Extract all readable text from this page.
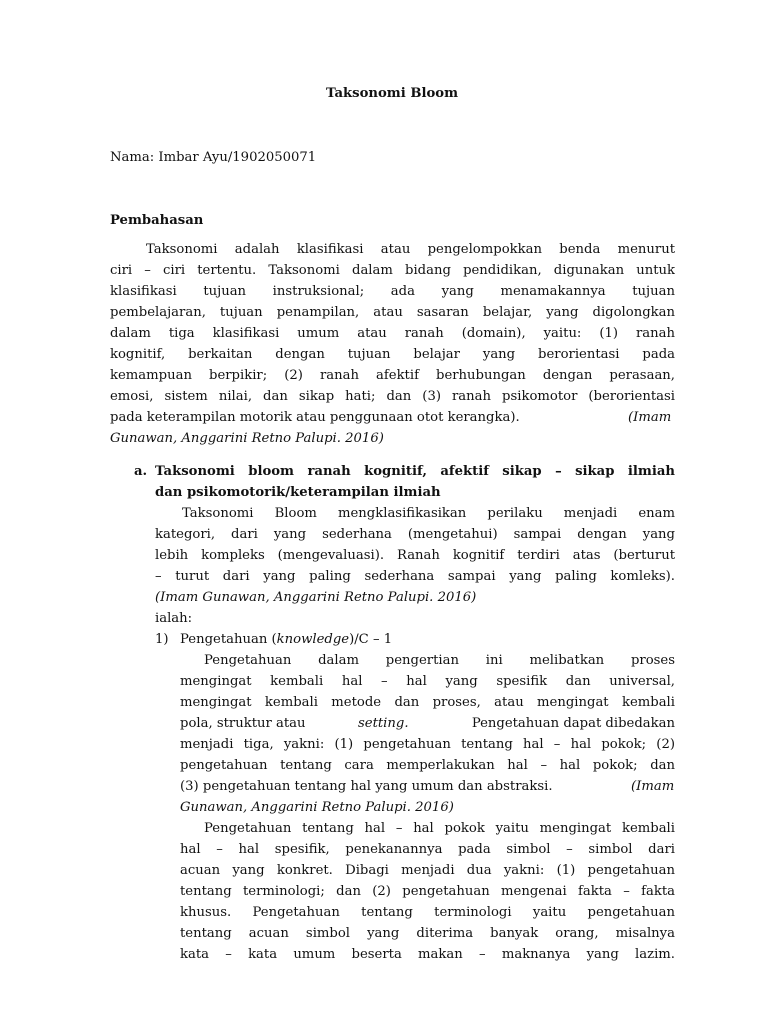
Taksonomi Bloom

Nama: Imbar Ayu/1902050071

Pembahasan

Taksonomi adalah klasifikasi atau pengelompokkan benda menurut
ciri – ciri tertentu. Taksonomi dalam bidang pendidikan, digunakan untuk
klasifikasi tujuan instruksional; ada yang menamakannya tujuan
pembelajaran, tujuan penampilan, atau sasaran belajar, yang digolongkan
dalam tiga klasifikasi umum atau ranah (domain), yaitu: (1) ranah
kognitif, berkaitan dengan tujuan belajar yang berorientasi pada
kemampuan berpikir; (2) ranah afektif berhubungan dengan perasaan,
emosi, sistem nilai, dan sikap hati; dan (3) ranah psikomotor (berorientasi
pada keterampilan motorik atau penggunaan otot kerangka).	(Imam
Gunawan, Anggarini Retno Palupi. 2016)
a. Taksonomi bloom ranah kognitif, afektif sikap – sikap ilmiah
dan psikomotorik/keterampilan ilmiah
Taksonomi Bloom mengklasifikasikan perilaku menjadi enam
kategori, dari yang sederhana (mengetahui) sampai dengan yang
lebih kompleks (mengevaluasi). Ranah kognitif terdiri atas (berturut
– turut dari yang paling sederhana sampai yang paling komleks).
(Imam Gunawan, Anggarini Retno Palupi. 2016)
ialah:
1) Pengetahuan (knowledge)/C – 1
Pengetahuan dalam pengertian ini melibatkan proses
mengingat kembali hal – hal yang spesifik dan universal,
mengingat kembali metode dan proses, atau mengingat kembali
pola, struktur atau	setting.	Pengetahuan dapat dibedakan
menjadi tiga, yakni: (1) pengetahuan tentang hal – hal pokok; (2)
pengetahuan tentang cara memperlakukan hal – hal pokok; dan
(3) pengetahuan tentang hal yang umum dan abstraksi.	(Imam
Gunawan, Anggarini Retno Palupi. 2016)
Pengetahuan tentang hal – hal pokok yaitu mengingat kembali
hal – hal spesifik, penekanannya pada simbol – simbol dari
acuan yang konkret. Dibagi menjadi dua yakni: (1) pengetahuan
tentang terminologi; dan (2) pengetahuan mengenai fakta – fakta
khusus. Pengetahuan tentang terminologi yaitu pengetahuan
tentang acuan simbol yang diterima banyak orang, misalnya
kata – kata umum beserta makan – maknanya yang lazim.
